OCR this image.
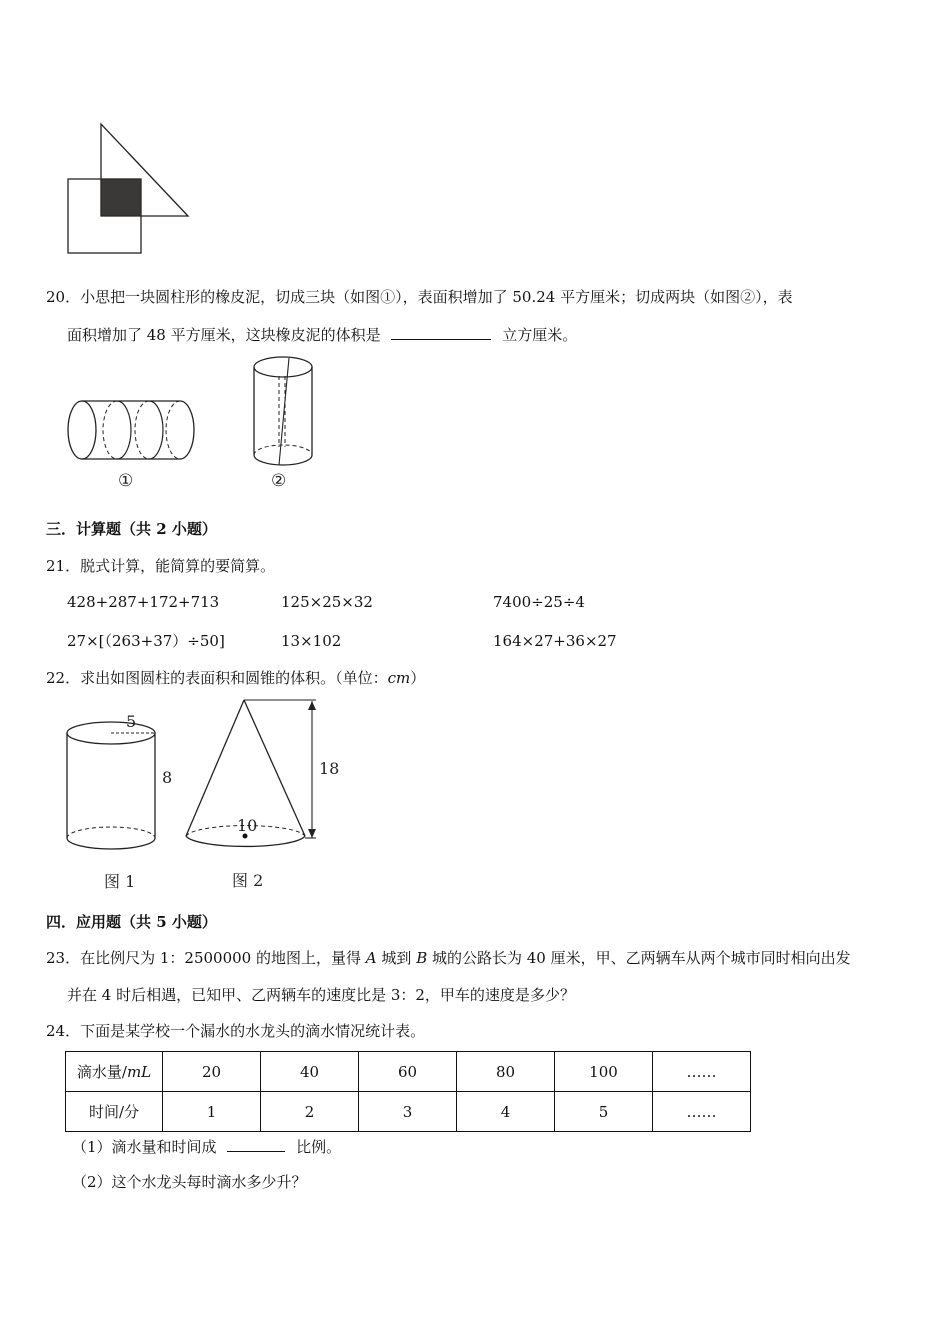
20．小思把一块圆柱形的橡皮泥，切成三块（如图①），表面积增加了 50.24 平方厘米；切成两块（如图②），表
面积增加了 48 平方厘米，这块橡皮泥的体积是	立方厘米。
①	②
三．计算题（共 2 小题）
21．脱式计算，能简算的要简算。
428+287+172+713	125×25×32	7400÷25÷4
27×[（263+37）÷50]	13×102	164×27+36×27
22．求出如图圆柱的表面积和圆锥的体积。（单位：cm）
5
8
图 1
18
10
图 2
四．应用题（共 5 小题）
23．在比例尺为 1：2500000 的地图上，量得 A 城到 B 城的公路长为 40 厘米，甲、乙两辆车从两个城市同时相向出发
并在 4 时后相遇，已知甲、乙两辆车的速度比是 3：2，甲车的速度是多少？
24．下面是某学校一个漏水的水龙头的滴水情况统计表。
滴水量/mL	20	40	60	80	100	……
时间/分	1	2	3	4	5	……
（1）滴水量和时间成	比例。
（2）这个水龙头每时滴水多少升？
